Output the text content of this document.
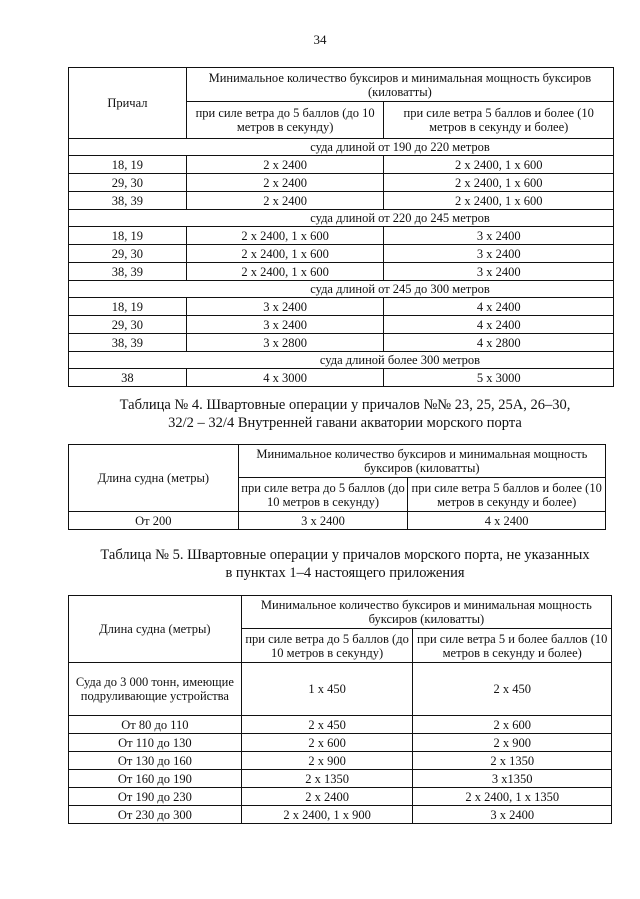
34
Причал	Минимальное количество буксиров и минимальная мощность буксиров (киловатты)	
	при силе ветра до 5 баллов (до 10 метров в секунду)	при силе ветра 5 баллов и более (10 метров в секунду и более)
суда длиной от 190 до 220 метров		
18, 19	2 х 2400	2 х 2400, 1 х 600
29, 30	2 х 2400	2 х 2400, 1 х 600
38, 39	2 х 2400	2 х 2400, 1 х 600
суда длиной от 220 до 245 метров		
18, 19	2 х 2400, 1 х 600	3 х 2400
29, 30	2 х 2400, 1 х 600	3 х 2400
38, 39	2 х 2400, 1 х 600	3 х 2400
суда длиной от 245 до 300 метров		
18, 19	3 х 2400	4 х 2400
29, 30	3 х 2400	4 х 2400
38, 39	3 х 2800	4 х 2800
суда длиной более 300 метров		
38	4 х 3000	5 х 3000
Таблица № 4. Швартовные операции у причалов №№ 23, 25, 25А, 26–30,
32/2 – 32/4 Внутренней гавани акватории морского порта
Длина судна (метры)	Минимальное количество буксиров и минимальная мощность буксиров (киловатты)	
	при силе ветра до 5 баллов (до 10 метров в секунду)	при силе ветра 5 баллов и более (10 метров в секунду и более)
От 200	3 х 2400	4 х 2400
Таблица № 5. Швартовные операции у причалов морского порта, не указанных
в пунктах 1–4 настоящего приложения
Длина судна (метры)	Минимальное количество буксиров и минимальная мощность буксиров (киловатты)	
	при силе ветра до 5 баллов (до 10 метров в секунду)	при силе ветра 5 и более баллов (10 метров в секунду и более)
Суда до 3 000 тонн, имеющие подруливающие устройства	1 х 450	2 х 450
От 80 до 110	2 х 450	2 х 600
От 110 до 130	2 х 600	2 х 900
От 130 до 160	2 х 900	2 х 1350
От 160 до 190	2 х 1350	3 х1350
От 190 до 230	2 х 2400	2 х 2400, 1 х 1350
От 230 до 300	2 х 2400, 1 х 900	3 х 2400
